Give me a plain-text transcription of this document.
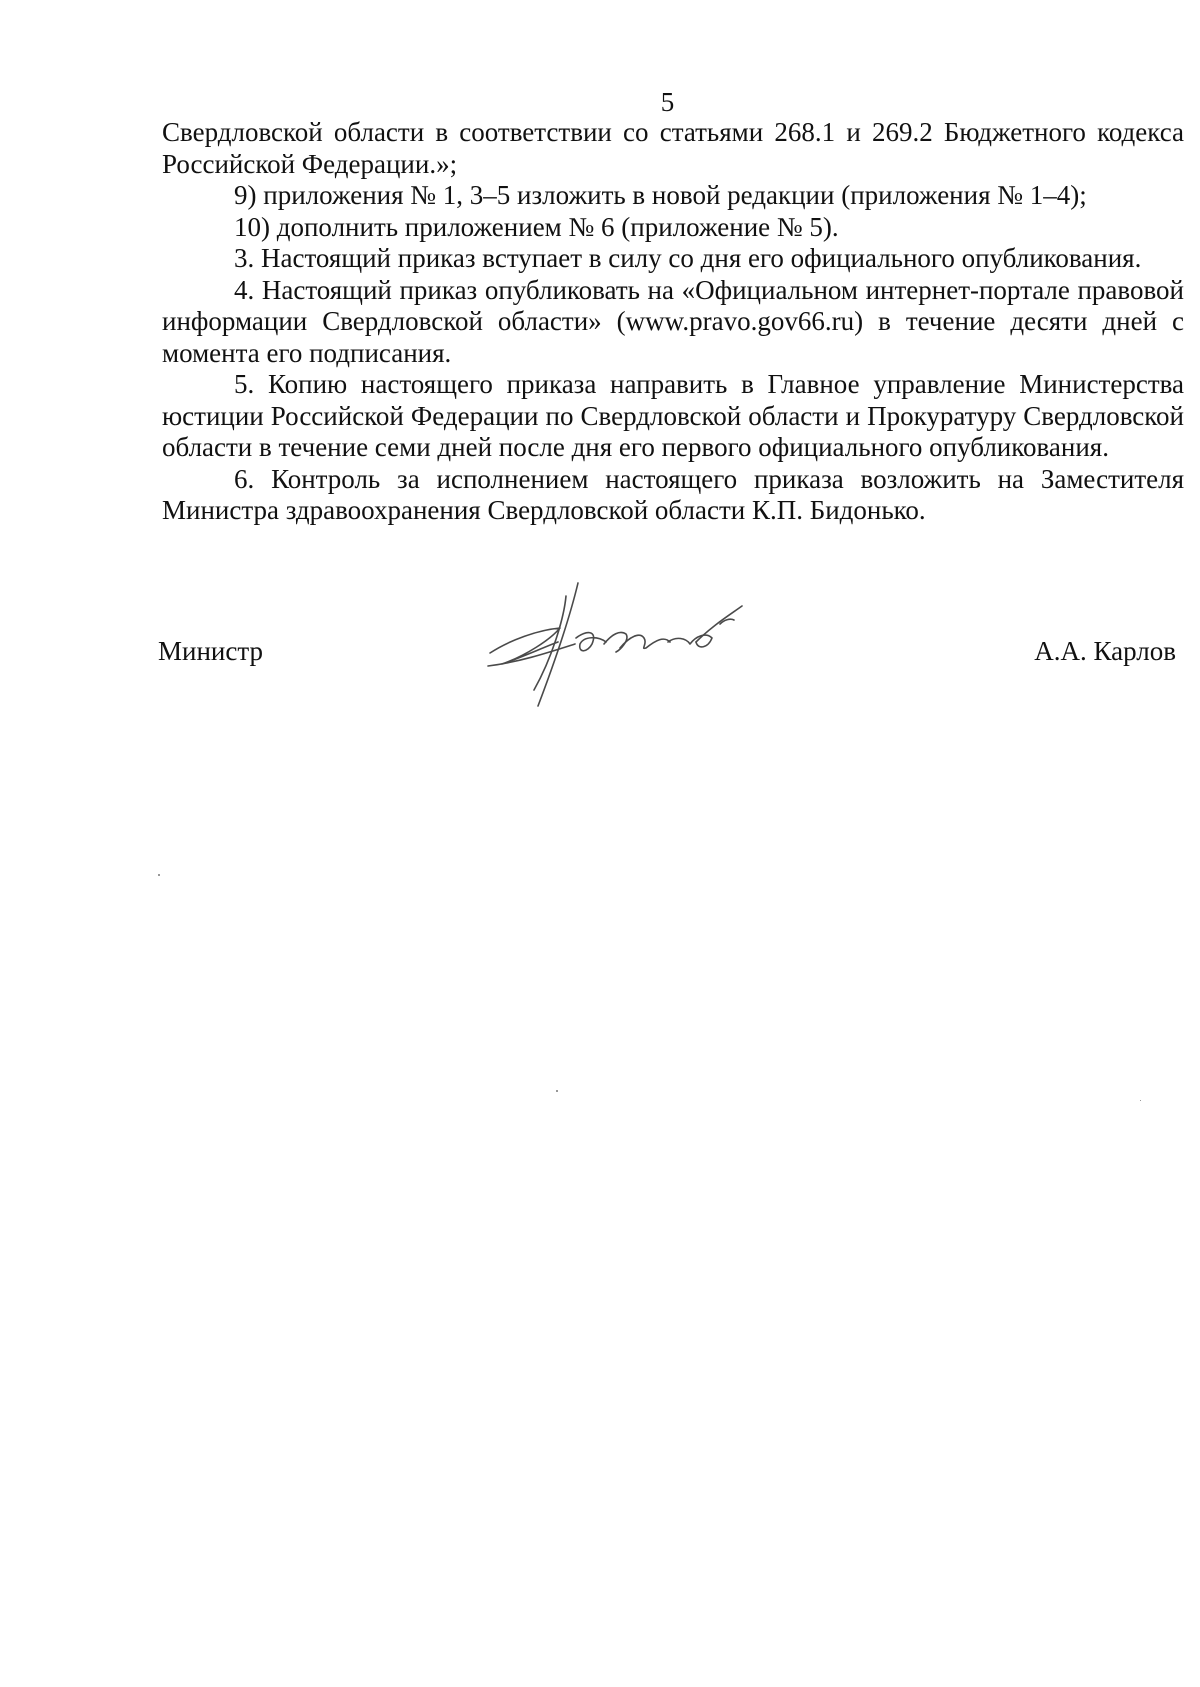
5

Свердловской области в соответствии со статьями 268.1 и 269.2 Бюджетного кодекса Российской Федерации.»;

9) приложения № 1, 3–5 изложить в новой редакции (приложения № 1–4);

10) дополнить приложением № 6 (приложение № 5).

3. Настоящий приказ вступает в силу со дня его официального опубликования.

4. Настоящий приказ опубликовать на «Официальном интернет-портале правовой информации Свердловской области» (www.pravo.gov66.ru) в течение десяти дней с момента его подписания.

5. Копию настоящего приказа направить в Главное управление Министерства юстиции Российской Федерации по Свердловской области и Прокуратуру Свердловской области в течение семи дней после дня его первого официального опубликования.

6. Контроль за исполнением настоящего приказа возложить на Заместителя Министра здравоохранения Свердловской области К.П. Бидонько.

Министр	А.А. Карлов
